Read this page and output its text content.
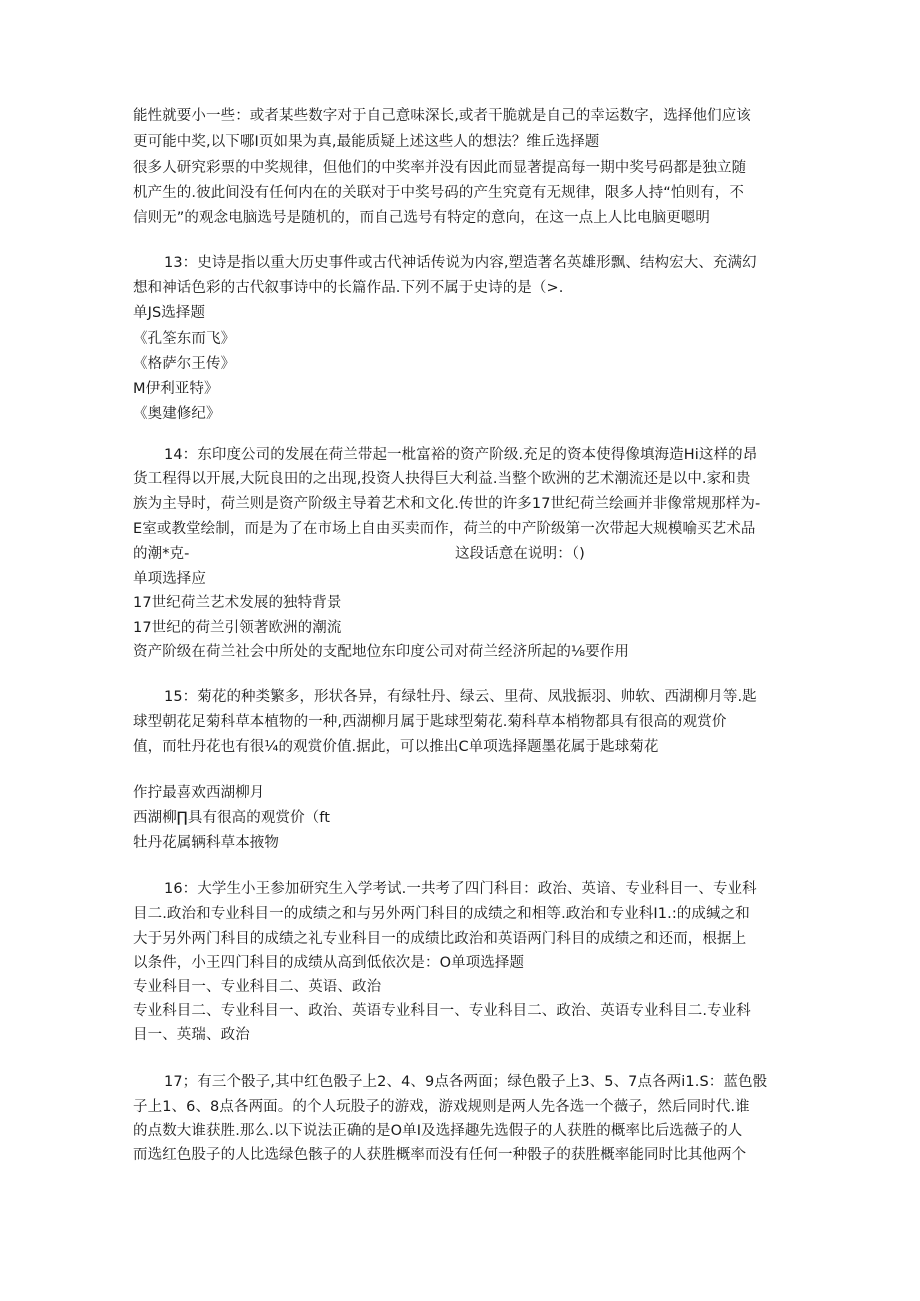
能性就要小一些：或者某些数字对于自己意味深长,或者干脆就是自己的幸运数字，选择他们应该
更可能中奖,以下哪I页如果为真,最能质疑上述这些人的想法？维丘选择题
很多人研究彩票的中奖规律，但他们的中奖率并没有因此而显著提高每一期中奖号码都是独立随
机产生的.彼此间没有任何内在的关联对于中奖号码的产生究竟有无规律，限多人持“怕则有，不
信则无”的观念电脑选号是随机的，而自己选号有特定的意向，在这一点上人比电脑更嗯明
13：史诗是指以重大历史事件或古代神话传说为内容,塑造著名英雄形飘、结构宏大、充满幻
想和神话色彩的古代叙事诗中的长篇作品.下列不属于史诗的是（>.
单JS选择题
《孔筌东而飞》
《格萨尔王传》
M伊利亚特》
《奥建修纪》
14：东印度公司的发展在荷兰带起一枇富裕的资产阶级.充足的资本使得像填海造Hi这样的昂
货工程得以开展,大阮良田的之出现,投资人抉得巨大利益.当整个欧洲的艺术潮流还是以中.家和贵
族为主导时，荷兰则是资产阶级主导着艺术和文化.传世的许多17世纪荷兰绘画并非像常规那样为-
E室或教堂绘制，而是为了在市场上自由买卖而作，荷兰的中产阶级第一次带起大规模喻买艺术品
的潮*克-	这段话意在说明：（)
单项选择应
17世纪荷兰艺术发展的独特背景
17世纪的荷兰引领著欧洲的潮流
资产阶级在荷兰社会中所处的支配地位东印度公司对荷兰经济所起的⅛要作用
15：菊花的种类繁多，形状各异，有绿牡丹、绿云、里荷、凤戕振羽、帅软、西湖柳月等.匙
球型朝花足菊科草本植物的一种,西湖柳月属于匙球型菊花.菊科草本梢物都具有很高的观赏价
值，而牡丹花也有很¼的观赏价值.据此，可以推出C单项选择题墨花属于匙球菊花
作拧最喜欢西湖柳月
西湖柳∏具有很高的观赏价（ft
牡丹花属辆科草本掖物
16：大学生小王参加研究生入学考试.一共考了四门科目：政治、英谙、专业科目一、专业科
目二.政治和专业科目一的成绩之和与另外两门科目的成绩之和相等.政治和专业科I1.:的成缄之和
大于另外两门科目的成绩之礼专业科目一的成绩比政治和英语两门科目的成绩之和还而，根据上
以条件，小王四门科目的成绩从高到低依次是：O单项选择题
专业科目一、专业科目二、英语、政治
专业科目二、专业科目一、政治、英语专业科目一、专业科目二、政治、英语专业科目二.专业科
目一、英瑞、政治
17；有三个骰子,其中红色骰子上2、4、9点各两面；绿色骰子上3、5、7点各两i1.S：蓝色骰
子上1、6、8点各两面。的个人玩股子的游戏，游戏规则是两人先各选一个薇子，然后同时代.谁
的点数大谁获胜.那么.以下说法正确的是O单I及选择趣先选假子的人获胜的概率比后选薇子的人
而选红色股子的人比选绿色骸子的人获胜概率而没有任何一种骰子的获胜概率能同时比其他两个
